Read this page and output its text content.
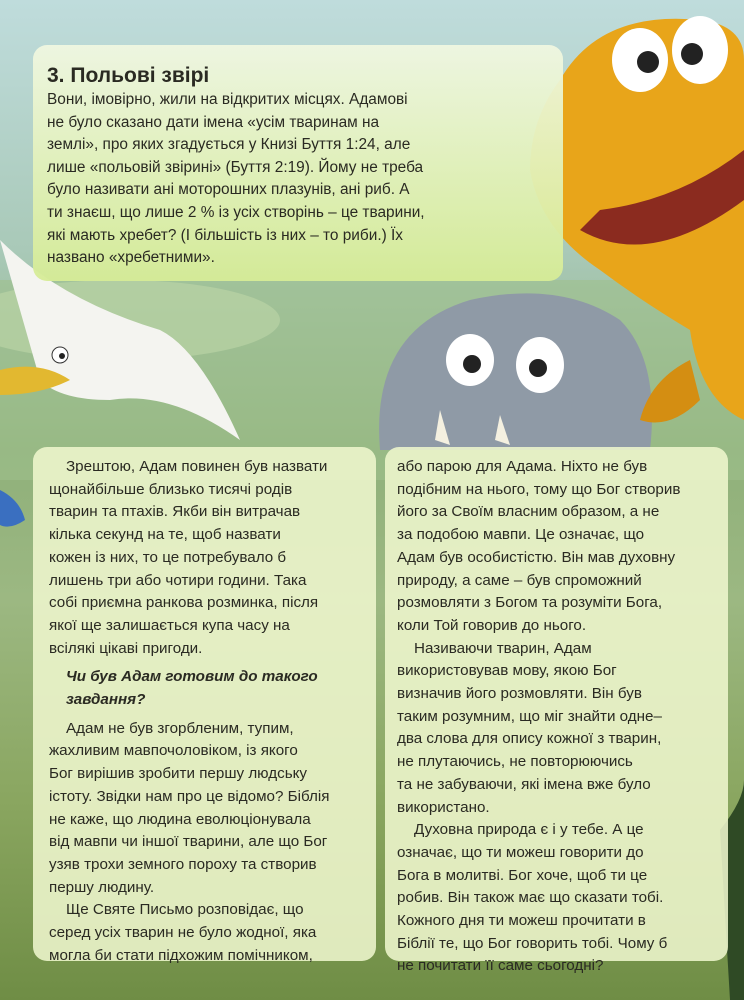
3. Польові звірі
Вони, імовірно, жили на відкритих місцях. Адамові
не було сказано дати імена «усім тваринам на
землі», про яких згадується у Книзі Буття 1:24, але
лише «польовій звірині» (Буття 2:19). Йому не треба
було називати ані моторошних плазунів, ані риб. А
ти знаєш, що лише 2 % із усіх створінь – це тварини,
які мають хребет? (І більшість із них – то риби.) Їх
названо «хребетними».
Зрештою, Адам повинен був назвати
щонайбільше близько тисячі родів
тварин та птахів. Якби він витрачав
кілька секунд на те, щоб назвати
кожен із них, то це потребувало б
лишень три або чотири години. Така
собі приємна ранкова розминка, після
якої ще залишається купа часу на
всілякі цікаві пригоди.
Чи був Адам готовим до такого
завдання?
Адам не був згорбленим, тупим,
жахливим мавпочоловіком, із якого
Бог вирішив зробити першу людську
істоту. Звідки нам про це відомо? Біблія
не каже, що людина еволюціонувала
від мавпи чи іншої тварини, але що Бог
узяв трохи земного пороху та створив
першу людину.
Ще Святе Письмо розповідає, що
серед усіх тварин не було жодної, яка
могла би стати підхожим помічником,
або парою для Адама. Ніхто не був
подібним на нього, тому що Бог створив
його за Своїм власним образом, а не
за подобою мавпи. Це означає, що
Адам був особистістю. Він мав духовну
природу, а саме – був спроможний
розмовляти з Богом та розуміти Бога,
коли Той говорив до нього.
Називаючи тварин, Адам
використовував мову, якою Бог
визначив його розмовляти. Він був
таким розумним, що міг знайти одне–
два слова для опису кожної з тварин,
не плутаючись, не повторюючись
та не забуваючи, які імена вже було
використано.
Духовна природа є і у тебе. А це
означає, що ти можеш говорити до
Бога в молитві. Бог хоче, щоб ти це
робив. Він також має що сказати тобі.
Кожного дня ти можеш прочитати в
Біблії те, що Бог говорить тобі. Чому б
не почитати її саме сьогодні?
